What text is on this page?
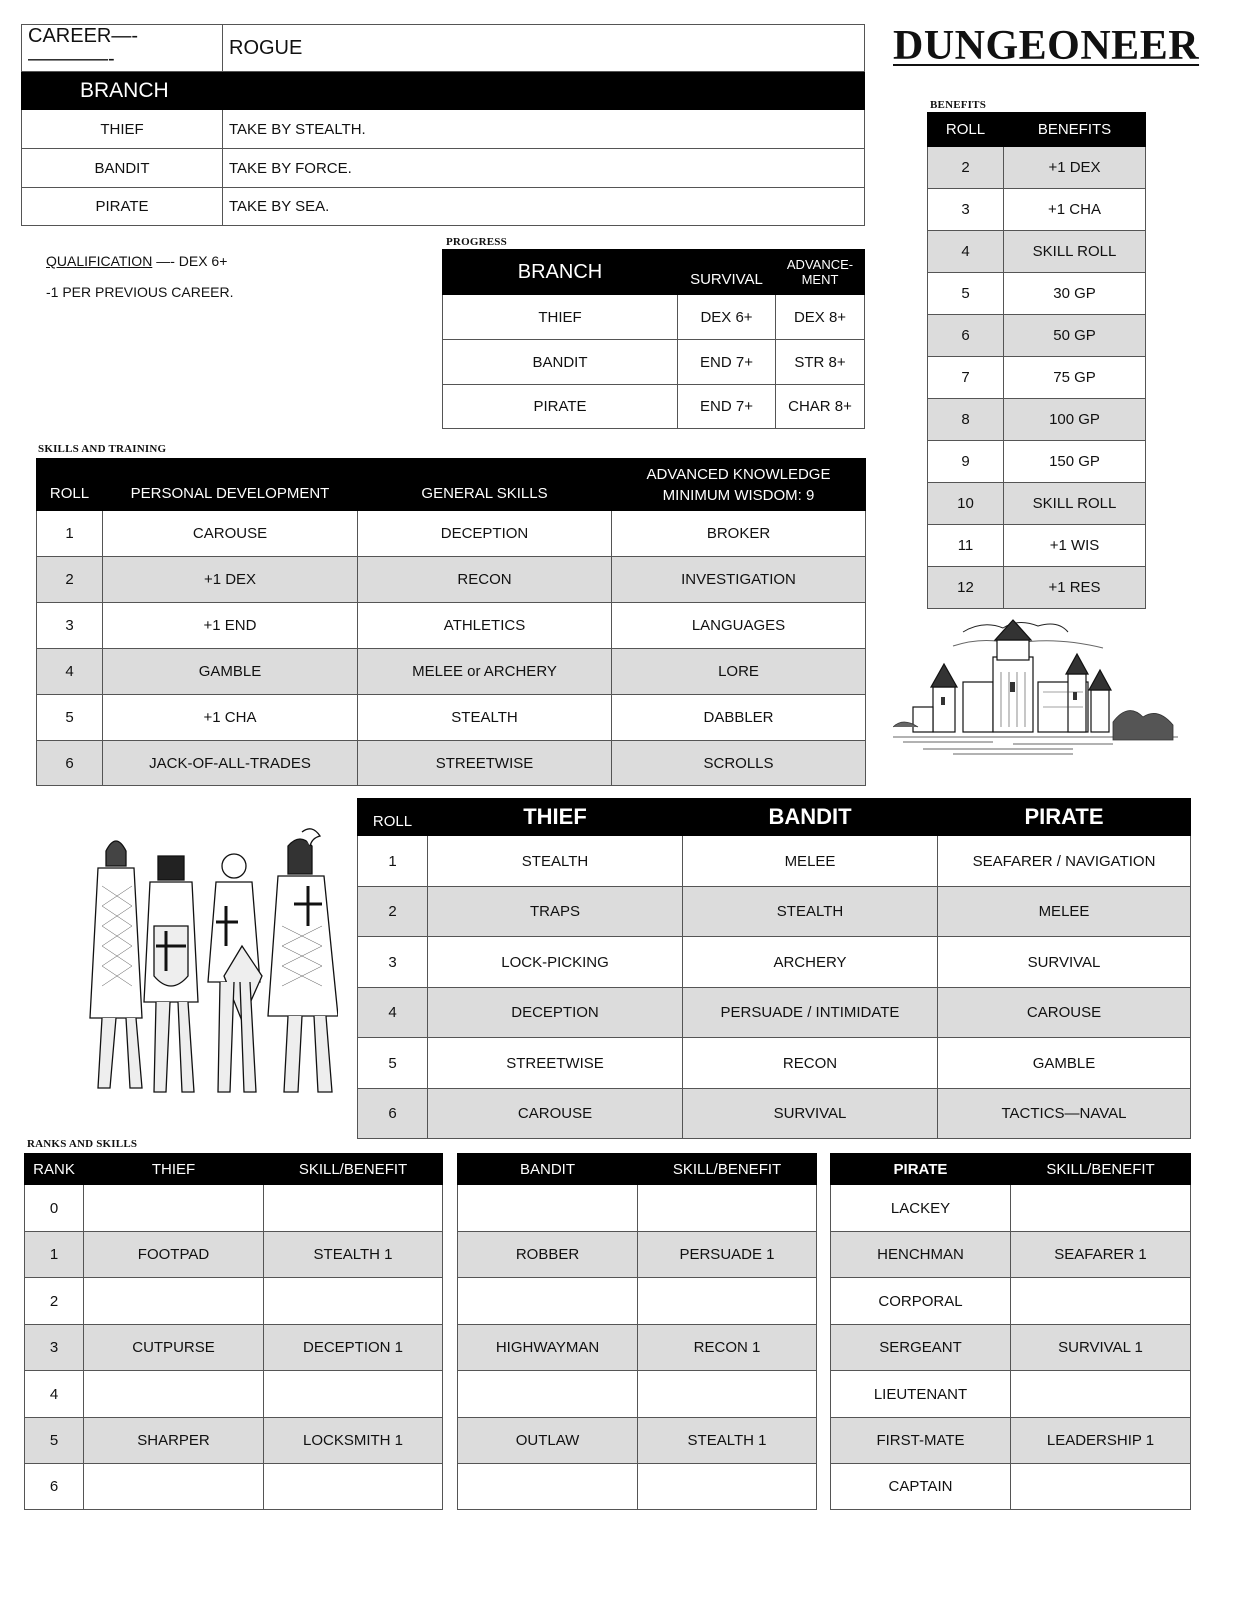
DUNGEONEER
CAREER—-————-	ROGUE
BRANCH	
THIEF	TAKE BY STEALTH.
BANDIT	TAKE BY FORCE.
PIRATE	TAKE BY SEA.
QUALIFICATION —- DEX 6+
-1 PER PREVIOUS CAREER.
PROGRESS
BRANCH	SURVIVAL	ADVANCE-MENT
THIEF	DEX 6+	DEX 8+
BANDIT	END 7+	STR 8+
PIRATE	END 7+	CHAR 8+
BENEFITS
ROLL	BENEFITS
2	+1 DEX
3	+1 CHA
4	SKILL ROLL
5	30 GP
6	50 GP
7	75 GP
8	100 GP
9	150 GP
10	SKILL ROLL
11	+1 WIS
12	+1 RES
SKILLS AND TRAINING
ROLL	PERSONAL DEVELOPMENT	GENERAL SKILLS	ADVANCED KNOWLEDGE
MINIMUM WISDOM: 9

1	CAROUSE	DECEPTION	BROKER
2	+1 DEX	RECON	INVESTIGATION
3	+1 END	ATHLETICS	LANGUAGES
4	GAMBLE	MELEE or ARCHERY	LORE
5	+1 CHA	STEALTH	DABBLER
6	JACK-OF-ALL-TRADES	STREETWISE	SCROLLS
ROLL	THIEF	BANDIT	PIRATE
1	STEALTH	MELEE	SEAFARER / NAVIGATION
2	TRAPS	STEALTH	MELEE
3	LOCK-PICKING	ARCHERY	SURVIVAL
4	DECEPTION	PERSUADE / INTIMIDATE	CAROUSE
5	STREETWISE	RECON	GAMBLE
6	CAROUSE	SURVIVAL	TACTICS—NAVAL
RANKS AND SKILLS
RANK	THIEF	SKILL/BENEFIT
0		
1	FOOTPAD	STEALTH 1
2		
3	CUTPURSE	DECEPTION 1
4		
5	SHARPER	LOCKSMITH 1
6		
BANDIT	SKILL/BENEFIT

ROBBER	PERSUADE 1

HIGHWAYMAN	RECON 1

OUTLAW	STEALTH 1

PIRATE	SKILL/BENEFIT
LACKEY	
HENCHMAN	SEAFARER 1
CORPORAL	
SERGEANT	SURVIVAL 1
LIEUTENANT	
FIRST-MATE	LEADERSHIP 1
CAPTAIN	
